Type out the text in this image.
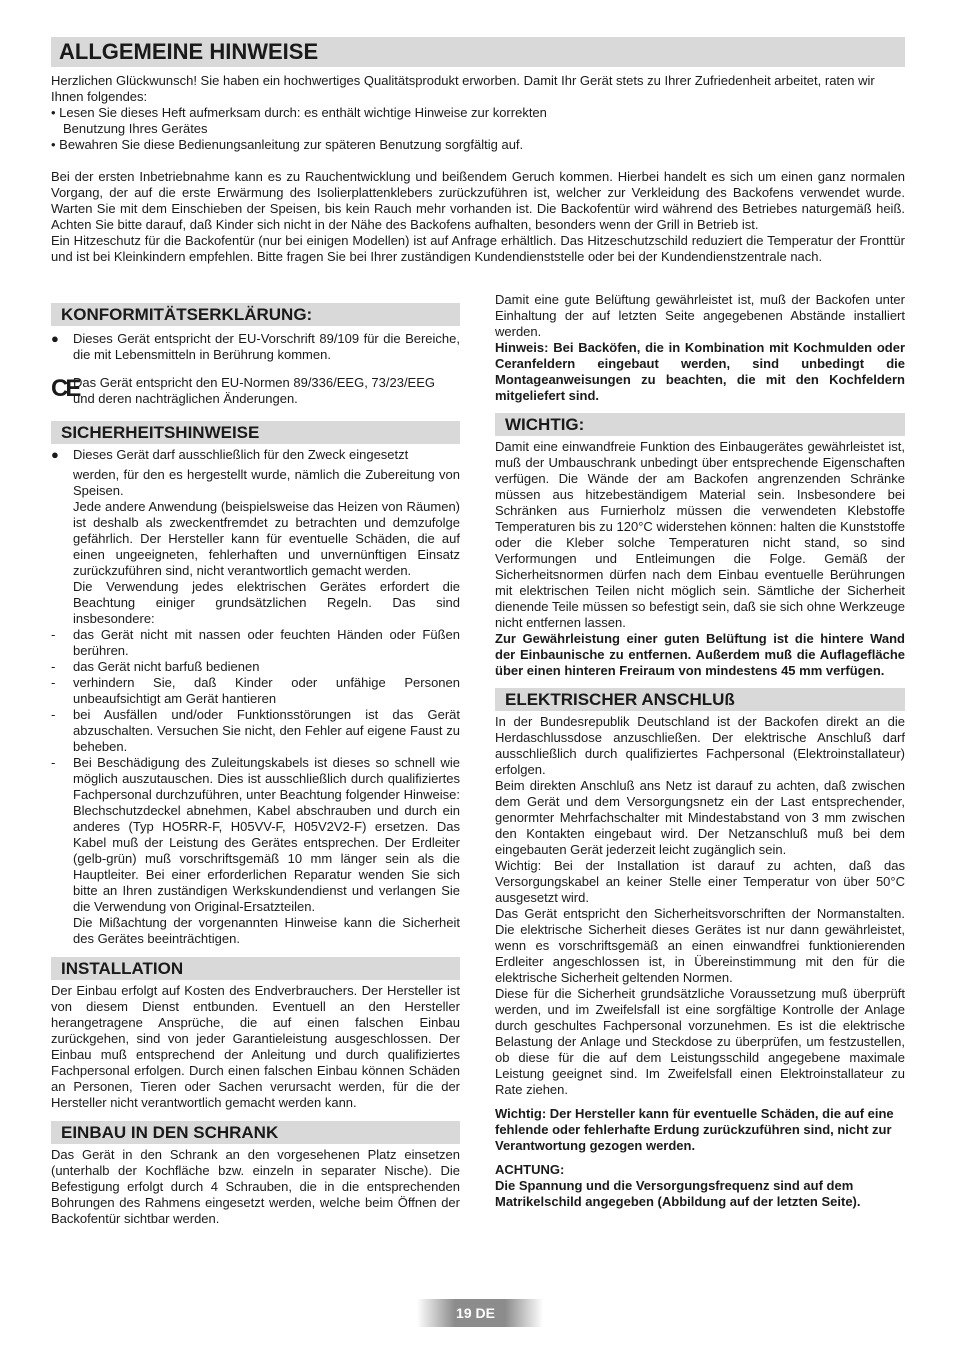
ALLGEMEINE HINWEISE

Herzlichen Glückwunsch! Sie haben ein hochwertiges Qualitätsprodukt erworben. Damit Ihr Gerät stets zu Ihrer Zufriedenheit arbeitet, raten wir Ihnen folgendes:

• Lesen Sie dieses Heft aufmerksam durch: es enthält wichtige Hinweise zur korrekten

Benutzung Ihres Gerätes

• Bewahren Sie diese Bedienungsanleitung zur späteren Benutzung sorgfältig auf.

Bei der ersten Inbetriebnahme kann es zu Rauchentwicklung und beißendem Geruch kommen. Hierbei handelt es sich um einen ganz normalen Vorgang, der auf die erste Erwärmung des Isolierplattenklebers zurückzuführen ist, welcher zur Verkleidung des Backofens verwendet wurde. Warten Sie mit dem Einschieben der Speisen, bis kein Rauch mehr vorhanden ist. Die Backofentür wird während des Betriebes naturgemäß heiß. Achten Sie bitte darauf, daß Kinder sich nicht in der Nähe des Backofens aufhalten, besonders wenn der Grill in Betrieb ist.

Ein Hitzeschutz für die Backofentür (nur bei einigen Modellen) ist auf Anfrage erhältlich. Das Hitzeschutzschild reduziert die Temperatur der Fronttür und ist bei Kleinkindern empfehlen. Bitte fragen Sie bei Ihrer zuständigen Kundendienststelle oder bei der Kundendienstzentrale nach.

KONFORMITÄTSERKLÄRUNG:
●	Dieses Gerät entspricht der EU-Vorschrift 89/109 für die Bereiche, die mit Lebensmitteln in Berührung kommen.
CE
Das Gerät entspricht den EU-Normen 89/336/EEG, 73/23/EEG und deren nachträglichen Änderungen.
SICHERHEITSHINWEISE
●	Dieses Gerät darf ausschließlich für den Zweck eingesetzt

werden, für den es hergestellt wurde, nämlich die Zubereitung von Speisen.

Jede andere Anwendung (beispielsweise das Heizen von Räumen) ist deshalb als zweckentfremdet zu betrachten und demzufolge gefährlich. Der Hersteller kann für eventuelle Schäden, die auf einen ungeeigneten, fehlerhaften und unvernünftigen Einsatz zurückzuführen sind, nicht verantwortlich gemacht werden.

Die Verwendung jedes elektrischen Gerätes erfordert die Beachtung einiger grundsätzlichen Regeln. Das sind insbesondere:

-	das Gerät nicht mit nassen oder feuchten Händen oder Füßen berühren.
-	das Gerät nicht barfuß bedienen
-	verhindern Sie, daß Kinder oder unfähige Personen unbeaufsichtigt am Gerät hantieren
-	bei Ausfällen und/oder Funktionsstörungen ist das Gerät abzuschalten. Versuchen Sie nicht, den Fehler auf eigene Faust zu beheben.
-	Bei Beschädigung des Zuleitungskabels ist dieses so schnell wie möglich auszutauschen. Dies ist ausschließlich durch qualifiziertes Fachpersonal durchzuführen, unter Beachtung folgender Hinweise: Blechschutzdeckel abnehmen, Kabel abschrauben und durch ein anderes (Typ HO5RR-F, H05VV-F, H05V2V2-F) ersetzen. Das Kabel muß der Leistung des Gerätes entsprechen. Der Erdleiter (gelb-grün) muß vorschriftsgemäß 10 mm länger sein als die Hauptleiter. Bei einer erforderlichen Reparatur wenden Sie sich bitte an Ihren zuständigen Werkskundendienst und verlangen Sie die Verwendung von Original-Ersatzteilen.

Die Mißachtung der vorgenannten Hinweise kann die Sicherheit des Gerätes beeinträchtigen.

INSTALLATION

Der Einbau erfolgt auf Kosten des Endverbrauchers. Der Hersteller ist von diesem Dienst entbunden. Eventuell an den Hersteller herangetragene Ansprüche, die auf einen falschen Einbau zurückgehen, sind von jeder Garantieleistung ausgeschlossen. Der Einbau muß entsprechend der Anleitung und durch qualifiziertes Fachpersonal erfolgen. Durch einen falschen Einbau können Schäden an Personen, Tieren oder Sachen verursacht werden, für die der Hersteller nicht verantwortlich gemacht werden kann.

EINBAU IN DEN SCHRANK

Das Gerät in den Schrank an den vorgesehenen Platz einsetzen (unterhalb der Kochfläche bzw. einzeln in separater Nische). Die Befestigung erfolgt durch 4 Schrauben, die in die entsprechenden Bohrungen des Rahmens eingesetzt werden, welche beim Öffnen der Backofentür sichtbar werden.

Damit eine gute Belüftung gewährleistet ist, muß der Backofen unter Einhaltung der auf letzten Seite angegebenen Abstände installiert werden.

Hinweis: Bei Backöfen, die in Kombination mit Kochmulden oder Ceranfeldern eingebaut werden, sind unbedingt die Montageanweisungen zu beachten, die mit den Kochfeldern mitgeliefert sind.

WICHTIG:

Damit eine einwandfreie Funktion des Einbaugerätes gewährleistet ist, muß der Umbauschrank unbedingt über entsprechende Eigenschaften verfügen. Die Wände der am Backofen angrenzenden Schränke müssen aus hitzebeständigem Material sein. Insbesondere bei Schränken aus Furnierholz müssen die verwendeten Klebstoffe Temperaturen bis zu 120°C widerstehen können: halten die Kunststoffe oder die Kleber solche Temperaturen nicht stand, so sind Verformungen und Entleimungen die Folge. Gemäß der Sicherheitsnormen dürfen nach dem Einbau eventuelle Berührungen mit elektrischen Teilen nicht möglich sein. Sämtliche der Sicherheit dienende Teile müssen so befestigt sein, daß sie sich ohne Werkzeuge nicht entfernen lassen.

Zur Gewährleistung einer guten Belüftung ist die hintere Wand der Einbaunische zu entfernen. Außerdem muß die Auflagefläche über einen hinteren Freiraum von mindestens 45 mm verfügen.

ELEKTRISCHER ANSCHLUß

In der Bundesrepublik Deutschland ist der Backofen direkt an die Herdaschlussdose anzuschließen. Der elektrische Anschluß darf ausschließlich durch qualifiziertes Fachpersonal (Elektroinstallateur) erfolgen.

Beim direkten Anschluß ans Netz ist darauf zu achten, daß zwischen dem Gerät und dem Versorgungsnetz ein der Last entsprechender, genormter Mehrfachschalter mit Mindestabstand von 3 mm zwischen den Kontakten eingebaut wird. Der Netzanschluß muß bei dem eingebauten Gerät jederzeit leicht zugänglich sein.

Wichtig: Bei der Installation ist darauf zu achten, daß das Versorgungskabel an keiner Stelle einer Temperatur von über 50°C ausgesetzt wird.

Das Gerät entspricht den Sicherheitsvorschriften der Normanstalten. Die elektrische Sicherheit dieses Gerätes ist nur dann gewährleistet, wenn es vorschriftsgemäß an einen einwandfrei funktionierenden Erdleiter angeschlossen ist, in Übereinstimmung mit den für die elektrische Sicherheit geltenden Normen.

Diese für die Sicherheit grundsätzliche Voraussetzung muß überprüft werden, und im Zweifelsfall ist eine sorgfältige Kontrolle der Anlage durch geschultes Fachpersonal vorzunehmen. Es ist die elektrische Belastung der Anlage und Steckdose zu überprüfen, um festzustellen, ob diese für die auf dem Leistungsschild angegebene maximale Leistung geeignet sind. Im Zweifelsfall einen Elektroinstallateur zu Rate ziehen.

Wichtig: Der Hersteller kann für eventuelle Schäden, die auf eine fehlende oder fehlerhafte Erdung zurückzuführen sind, nicht zur Verantwortung gezogen werden.

ACHTUNG:

Die Spannung und die Versorgungsfrequenz sind auf dem Matrikelschild angegeben (Abbildung auf der letzten Seite).

19 DE
